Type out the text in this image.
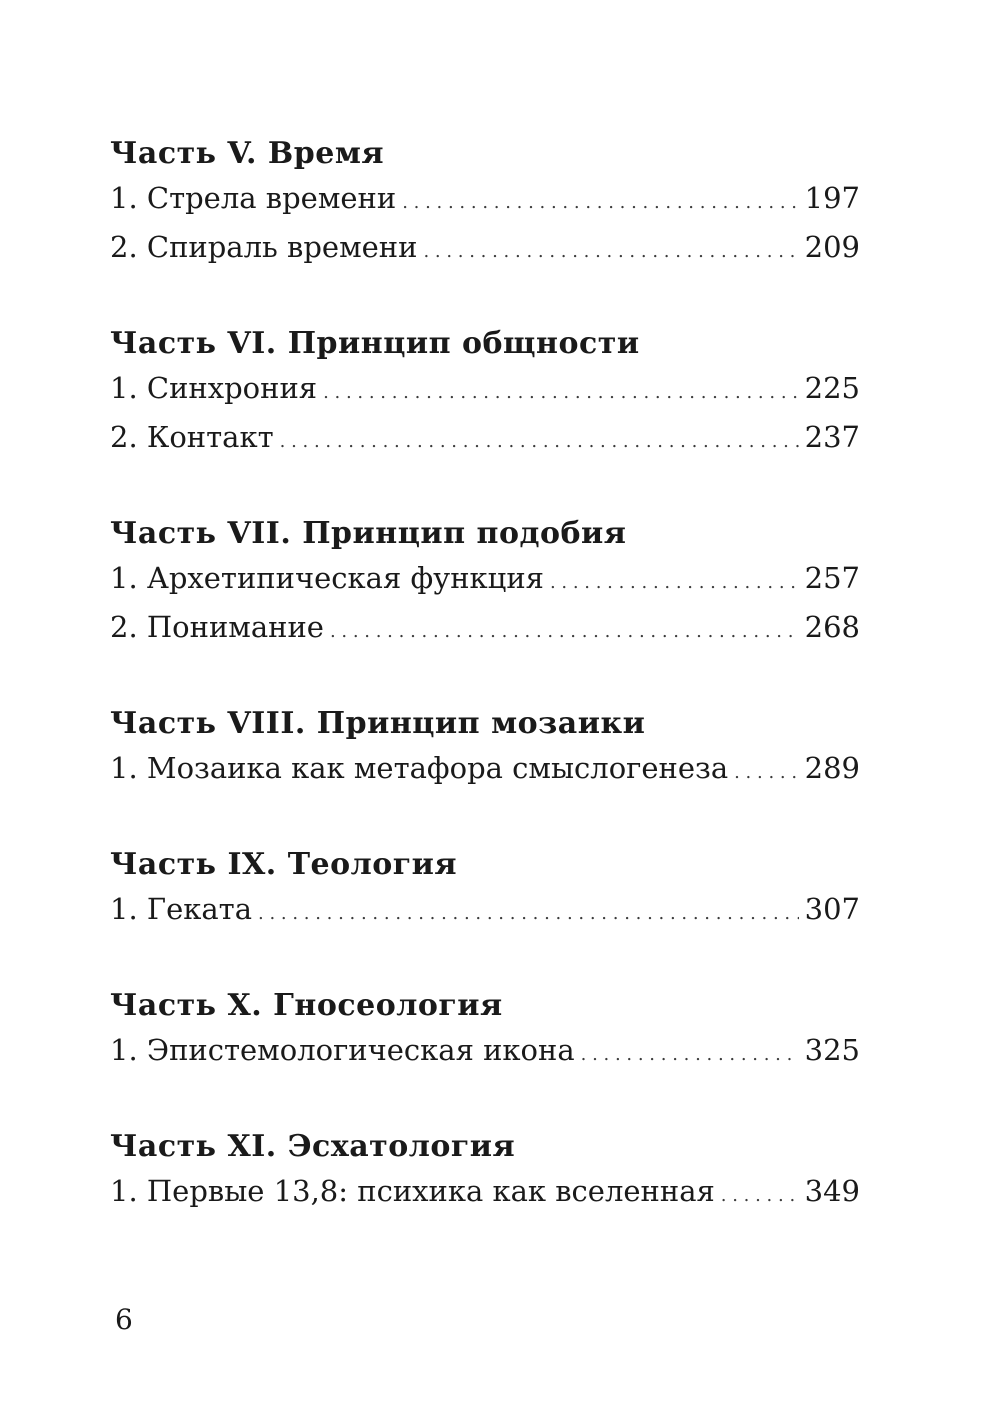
Часть V. Время
1. Стрела времени . . .	197
2. Спираль времени . . .	209
Часть VI. Принцип общности
1. Синхрония . . .	225
2. Контакт . . .	237
Часть VII. Принцип подобия
1. Архетипическая функция . . .	257
2. Понимание . . .	268
Часть VIII. Принцип мозаики
1. Мозаика как метафора смыслогенеза . . .	289
Часть IX. Теология
1. Геката . . .	307
Часть X. Гносеология
1. Эпистемологическая икона . . .	325
Часть XI. Эсхатология
1. Первые 13,8: психика как вселенная . . .	349
6
